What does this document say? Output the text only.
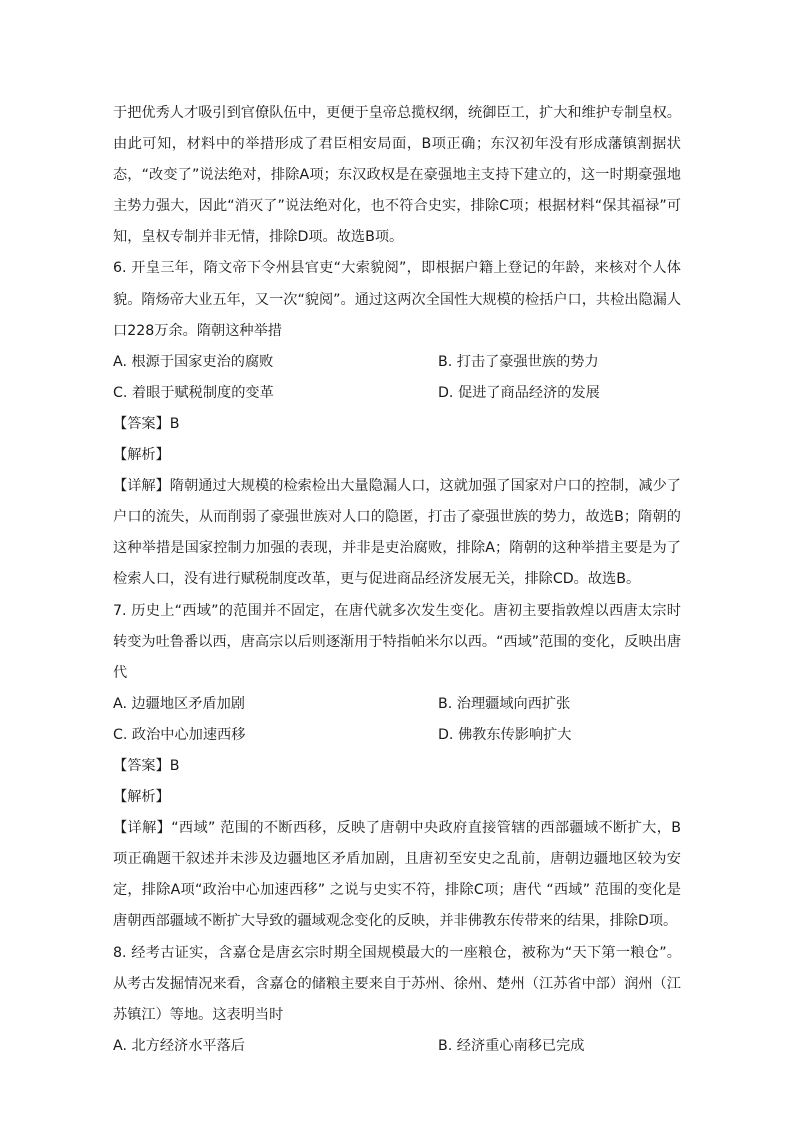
于把优秀人才吸引到官僚队伍中，更便于皇帝总揽权纲，统御臣工，扩大和维护专制皇权。由此可知，材料中的举措形成了君臣相安局面，B项正确；东汉初年没有形成藩镇割据状态，“改变了”说法绝对，排除A项；东汉政权是在豪强地主支持下建立的，这一时期豪强地主势力强大，因此“消灭了”说法绝对化，也不符合史实，排除C项；根据材料“保其福禄”可知，皇权专制并非无情，排除D项。故选B项。

6. 开皇三年，隋文帝下令州县官吏“大索貌阅”，即根据户籍上登记的年龄，来核对个人体貌。隋炀帝大业五年，又一次“貌阅”。通过这两次全国性大规模的检括户口，共检出隐漏人口228万余。隋朝这种举措

A. 根源于国家吏治的腐败	B. 打击了豪强世族的势力
C. 着眼于赋税制度的变革	D. 促进了商品经济的发展

【答案】B

【解析】

【详解】隋朝通过大规模的检索检出大量隐漏人口，这就加强了国家对户口的控制，减少了户口的流失，从而削弱了豪强世族对人口的隐匿，打击了豪强世族的势力，故选B；隋朝的这种举措是国家控制力加强的表现，并非是吏治腐败，排除A；隋朝的这种举措主要是为了检索人口，没有进行赋税制度改革，更与促进商品经济发展无关，排除CD。故选B。

7. 历史上“西域”的范围并不固定，在唐代就多次发生变化。唐初主要指敦煌以西唐太宗时转变为吐鲁番以西，唐高宗以后则逐渐用于特指帕米尔以西。“西域”范围的变化，反映出唐代

A. 边疆地区矛盾加剧	B. 治理疆域向西扩张
C. 政治中心加速西移	D. 佛教东传影响扩大

【答案】B

【解析】

【详解】“西域” 范围的不断西移，反映了唐朝中央政府直接管辖的西部疆域不断扩大，B项正确题干叙述并未涉及边疆地区矛盾加剧，且唐初至安史之乱前，唐朝边疆地区较为安定，排除A项“政治中心加速西移” 之说与史实不符，排除C项；唐代 “西域” 范围的变化是唐朝西部疆域不断扩大导致的疆域观念变化的反映，并非佛教东传带来的结果，排除D项。

8. 经考古证实，含嘉仓是唐玄宗时期全国规模最大的一座粮仓，被称为“天下第一粮仓”。从考古发掘情况来看，含嘉仓的储粮主要来自于苏州、徐州、楚州（江苏省中部）润州（江苏镇江）等地。这表明当时

A. 北方经济水平落后	B. 经济重心南移已完成
